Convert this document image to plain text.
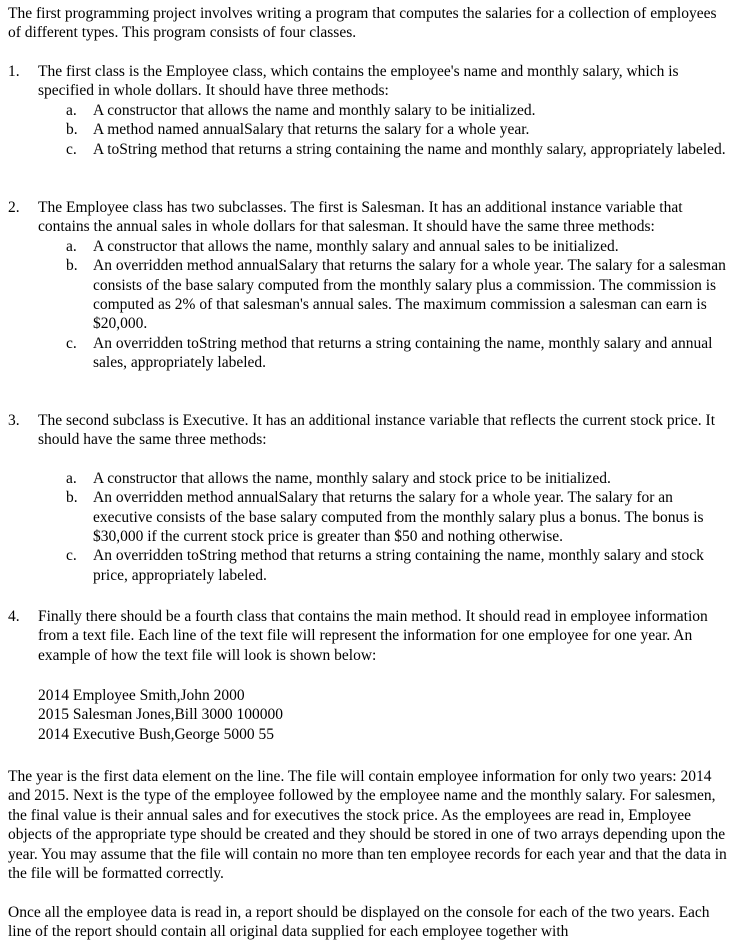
The first programming project involves writing a program that computes the salaries for a collection of employees of different types. This program consists of four classes.

1.	The first class is the Employee class, which contains the employee's name and monthly salary, which is specified in whole dollars. It should have three methods:
a. A constructor that allows the name and monthly salary to be initialized.
b. A method named annualSalary that returns the salary for a whole year.
c. A toString method that returns a string containing the name and monthly salary, appropriately labeled.
2.	The Employee class has two subclasses. The first is Salesman. It has an additional instance variable that contains the annual sales in whole dollars for that salesman. It should have the same three methods:
a. A constructor that allows the name, monthly salary and annual sales to be initialized.
b. An overridden method annualSalary that returns the salary for a whole year. The salary for a salesman consists of the base salary computed from the monthly salary plus a commission. The commission is computed as 2% of that salesman's annual sales. The maximum commission a salesman can earn is $20,000.
c. An overridden toString method that returns a string containing the name, monthly salary and annual sales, appropriately labeled.
3.	The second subclass is Executive. It has an additional instance variable that reflects the current stock price. It should have the same three methods:
a. A constructor that allows the name, monthly salary and stock price to be initialized.
b. An overridden method annualSalary that returns the salary for a whole year. The salary for an executive consists of the base salary computed from the monthly salary plus a bonus. The bonus is $30,000 if the current stock price is greater than $50 and nothing otherwise.
c. An overridden toString method that returns a string containing the name, monthly salary and stock price, appropriately labeled.
4.	Finally there should be a fourth class that contains the main method. It should read in employee information from a text file. Each line of the text file will represent the information for one employee for one year. An example of how the text file will look is shown below:
2014 Employee Smith,John 2000
2015 Salesman Jones,Bill 3000 100000
2014 Executive Bush,George 5000 55

The year is the first data element on the line. The file will contain employee information for only two years: 2014 and 2015. Next is the type of the employee followed by the employee name and the monthly salary. For salesmen, the final value is their annual sales and for executives the stock price. As the employees are read in, Employee objects of the appropriate type should be created and they should be stored in one of two arrays depending upon the year. You may assume that the file will contain no more than ten employee records for each year and that the data in the file will be formatted correctly.

Once all the employee data is read in, a report should be displayed on the console for each of the two years. Each line of the report should contain all original data supplied for each employee together with
